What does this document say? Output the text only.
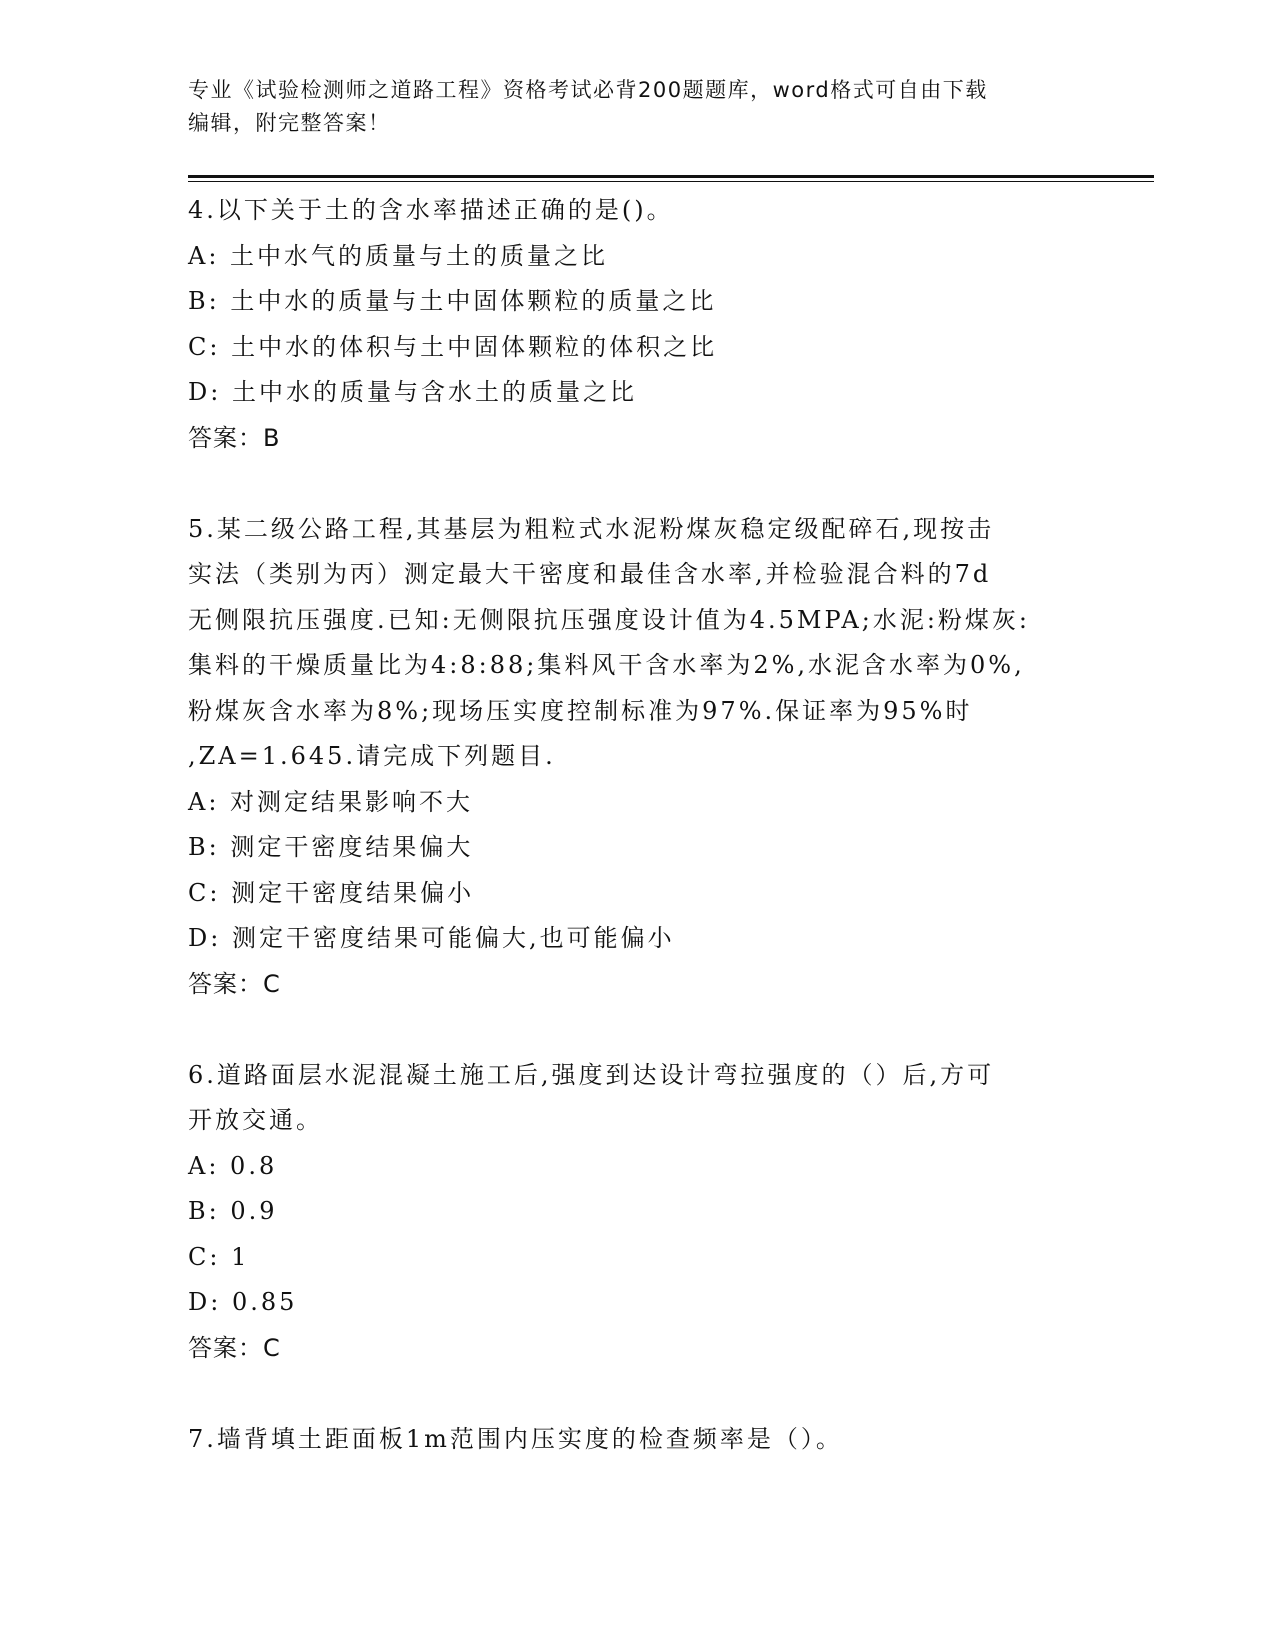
专业《试验检测师之道路工程》资格考试必背200题题库，word格式可自由下载
编辑，附完整答案！

4.以下关于土的含水率描述正确的是()。

A: 土中水气的质量与土的质量之比

B: 土中水的质量与土中固体颗粒的质量之比

C: 土中水的体积与土中固体颗粒的体积之比

D: 土中水的质量与含水土的质量之比

答案：B

5.某二级公路工程,其基层为粗粒式水泥粉煤灰稳定级配碎石,现按击

实法（类别为丙）测定最大干密度和最佳含水率,并检验混合料的7d

无侧限抗压强度.已知:无侧限抗压强度设计值为4.5MPA;水泥:粉煤灰:

集料的干燥质量比为4:8:88;集料风干含水率为2%,水泥含水率为0%,

粉煤灰含水率为8%;现场压实度控制标准为97%.保证率为95%时

,ZA=1.645.请完成下列题目.

A: 对测定结果影响不大

B: 测定干密度结果偏大

C: 测定干密度结果偏小

D: 测定干密度结果可能偏大,也可能偏小

答案：C

6.道路面层水泥混凝土施工后,强度到达设计弯拉强度的（）后,方可

开放交通。

A: 0.8

B: 0.9

C: 1

D: 0.85

答案：C

7.墙背填土距面板1m范围内压实度的检查频率是（）。
